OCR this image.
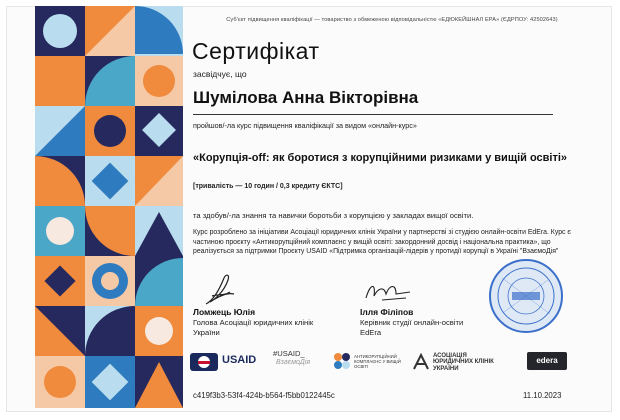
Суб'єкт підвищення кваліфікації — товариство з обмеженою відповідальністю «ЕДЮКЕЙШНАЛ ЕРА» (ЄДРПОУ: 42502643)

Сертифікат

засвідчує, що

Шумілова Анна Вікторівна

пройшов/-ла курс підвищення кваліфікації за видом «онлайн-курс»

«Корупція-off: як боротися з корупційними ризиками у вищій освіті»

[тривалість — 10 годин / 0,3 кредиту ЄКТС]

та здобув/-ла знання та навички боротьби з корупцією у закладах вищої освіти.

Курс розроблено за ініціативи Асоціації юридичних клінік України у партнерстві зі студією онлайн-освіти EdEra. Курс є частиною проєкту «Антикорупційний комплаєнс у вищій освіті: закордонний досвід і національна практика», що реалізується за підтримки Проєкту USAID «Підтримка організацій-лідерів у протидії корупції в Україні "ВзаємоДія"

Ломжець Юлія

Голова Асоціації юридичних клінік України

Ілля Філіпов

Керівник студії онлайн-освіти EdEra

USAID
#USAID_
ВзаємоДія
АНТИКОРУПЦІЙНИЙ КОМПЛАЄНС У ВИЩІЙ ОСВІТІ
АСОЦІАЦІЯ ЮРИДИЧНИХ КЛІНІК УКРАЇНИ
edera

c419f3b3-53f4-424b-b564-f5bb0122445c	11.10.2023
